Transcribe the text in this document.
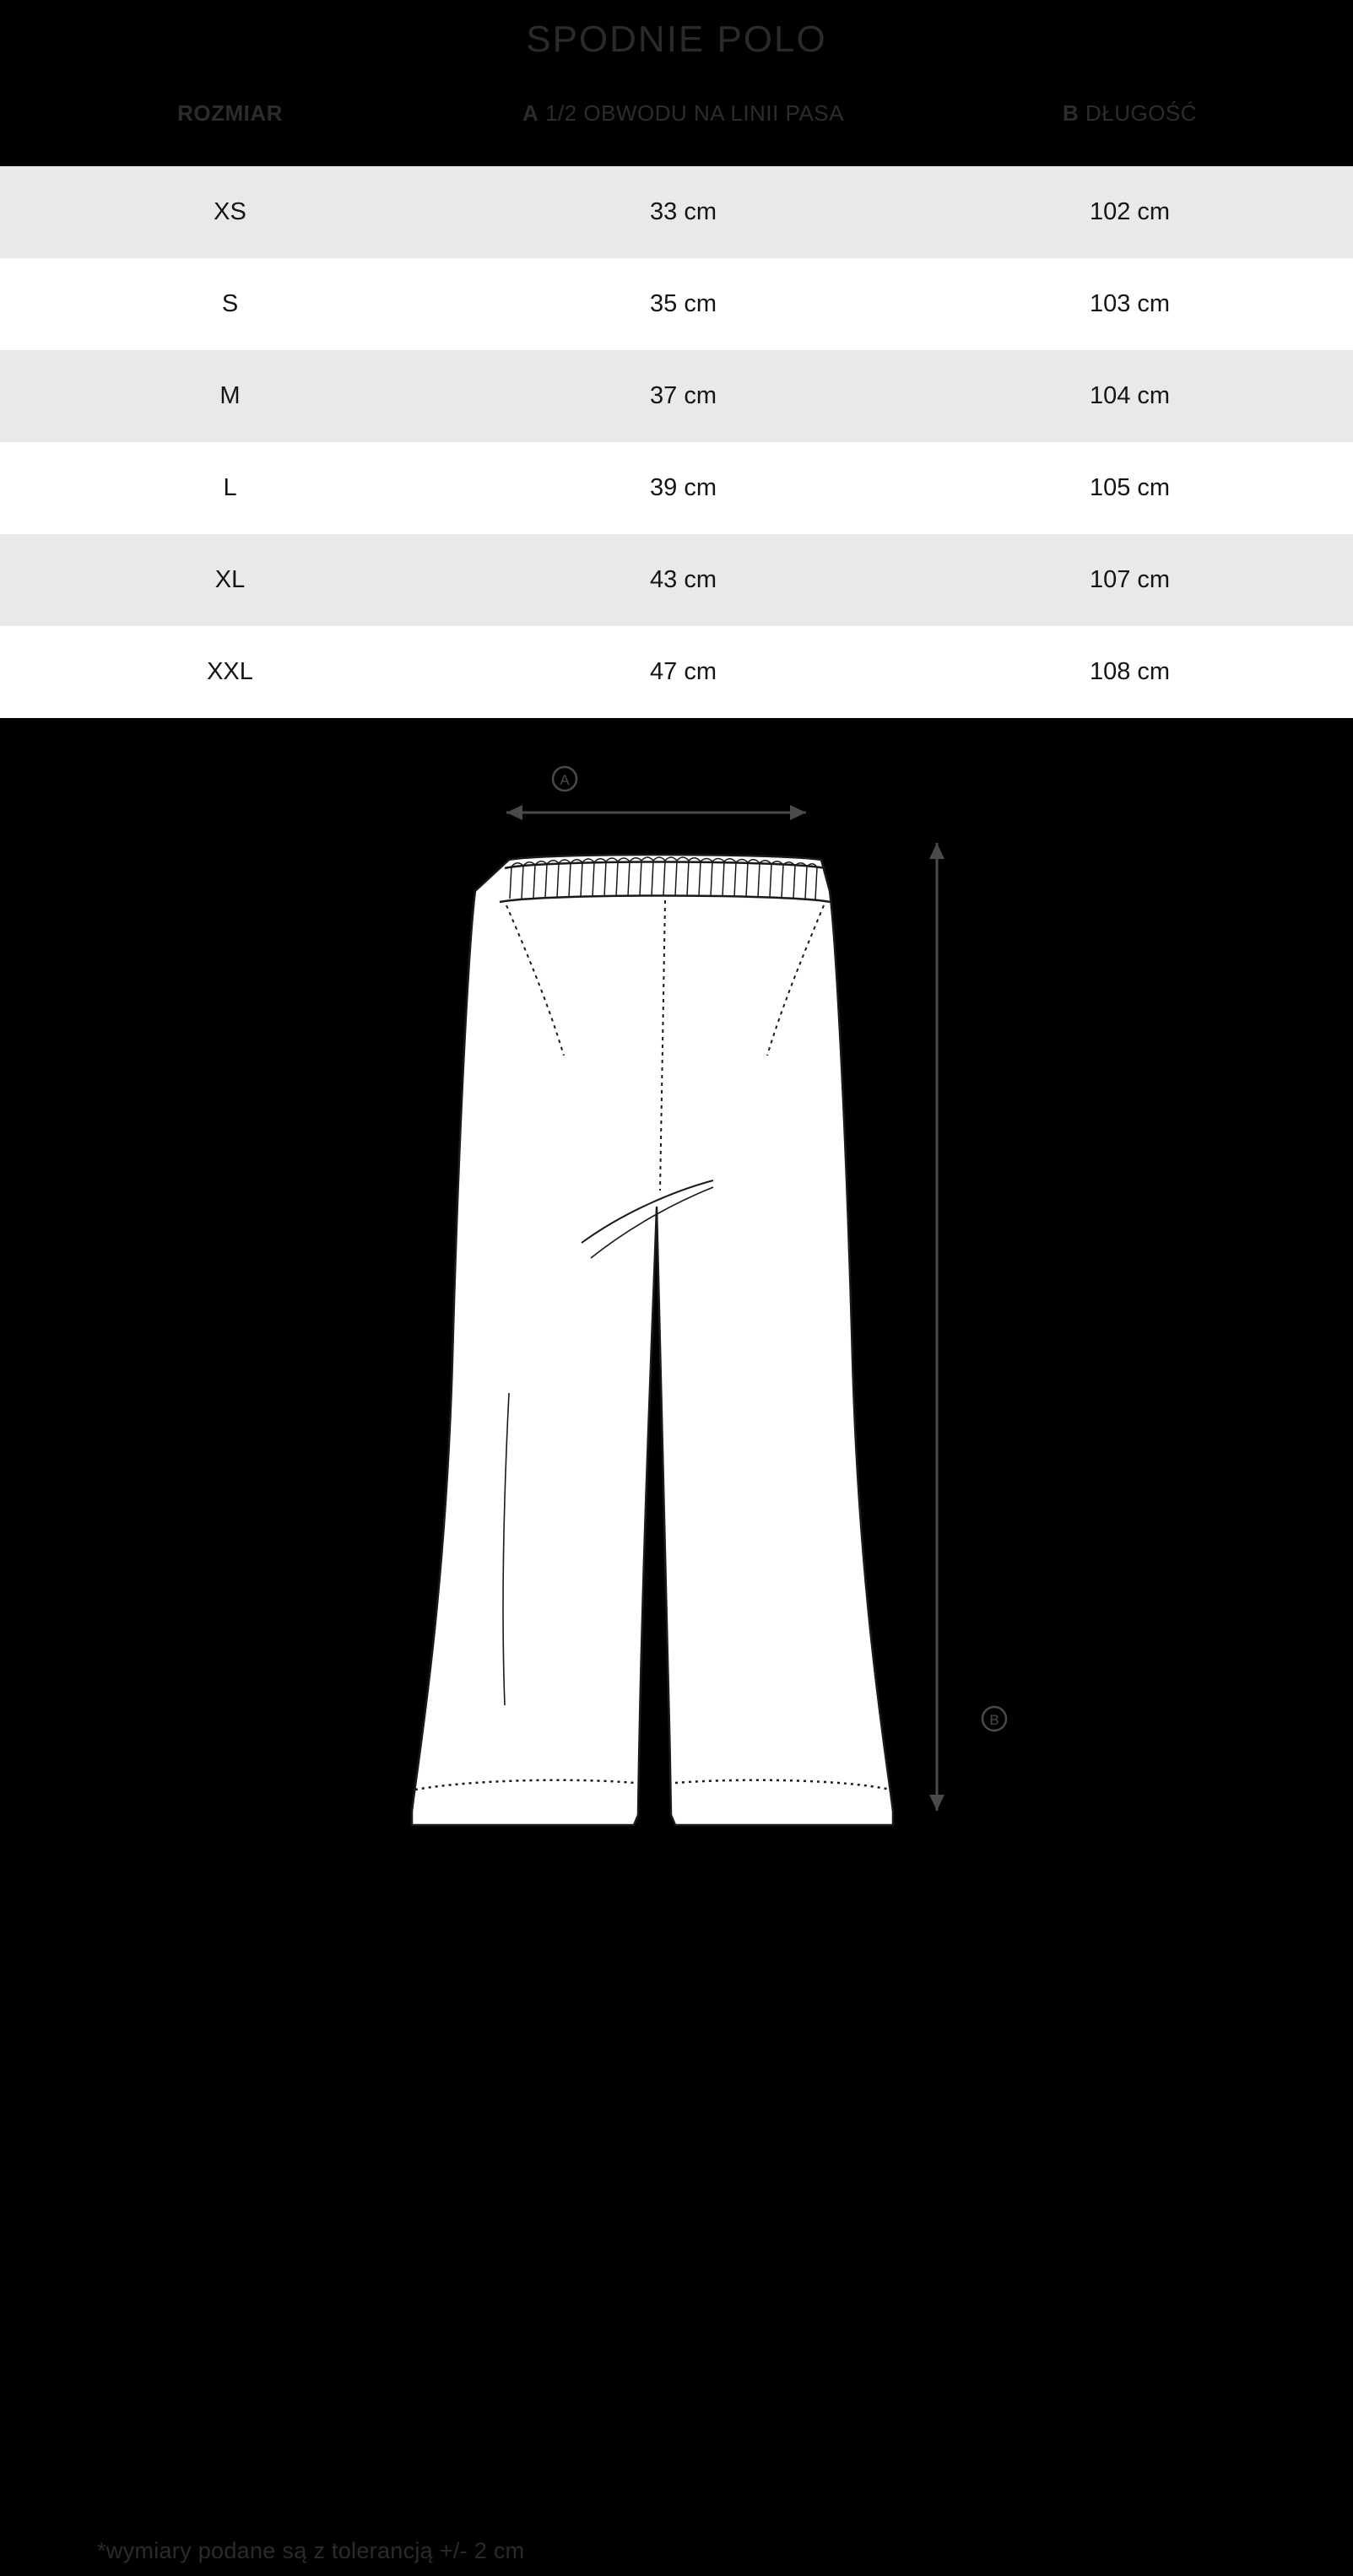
SPODNIE POLO
ROZMIAR	A 1/2 OBWODU NA LINII PASA	B DŁUGOŚĆ
XS	33 cm	102 cm
S	35 cm	103 cm
M	37 cm	104 cm
L	39 cm	105 cm
XL	43 cm	107 cm
XXL	47 cm	108 cm
A
B
*wymiary podane są z tolerancją +/- 2 cm
